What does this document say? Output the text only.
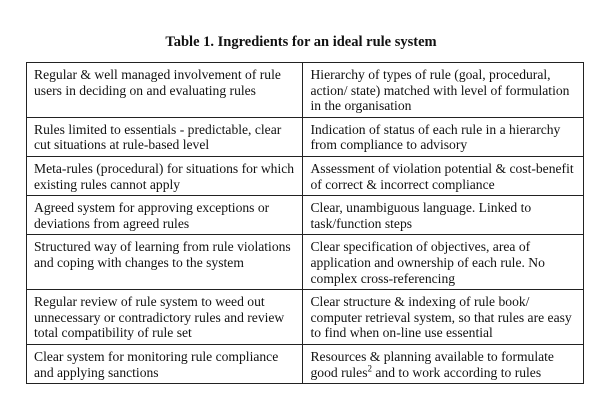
Table 1. Ingredients for an ideal rule system
Regular & well managed involvement of rule users in deciding on and evaluating rules	Hierarchy of types of rule (goal, procedural, action/ state) matched with level of formulation in the organisation
Rules limited to essentials - predictable, clear cut situations at rule-based level	Indication of status of each rule in a hierarchy from compliance to advisory
Meta-rules (procedural) for situations for which existing rules cannot apply	Assessment of violation potential & cost-benefit of correct & incorrect compliance
Agreed system for approving exceptions or deviations from agreed rules	Clear, unambiguous language. Linked to task/function steps
Structured way of learning from rule violations and coping with changes to the system	Clear specification of objectives, area of application and ownership of each rule. No complex cross-referencing
Regular review of rule system to weed out unnecessary or contradictory rules and review total compatibility of rule set	Clear structure & indexing of rule book/ computer retrieval system, so that rules are easy to find when on-line use essential
Clear system for monitoring rule compliance and applying sanctions	Resources & planning available to formulate good rules$^2$ and to work according to rules
